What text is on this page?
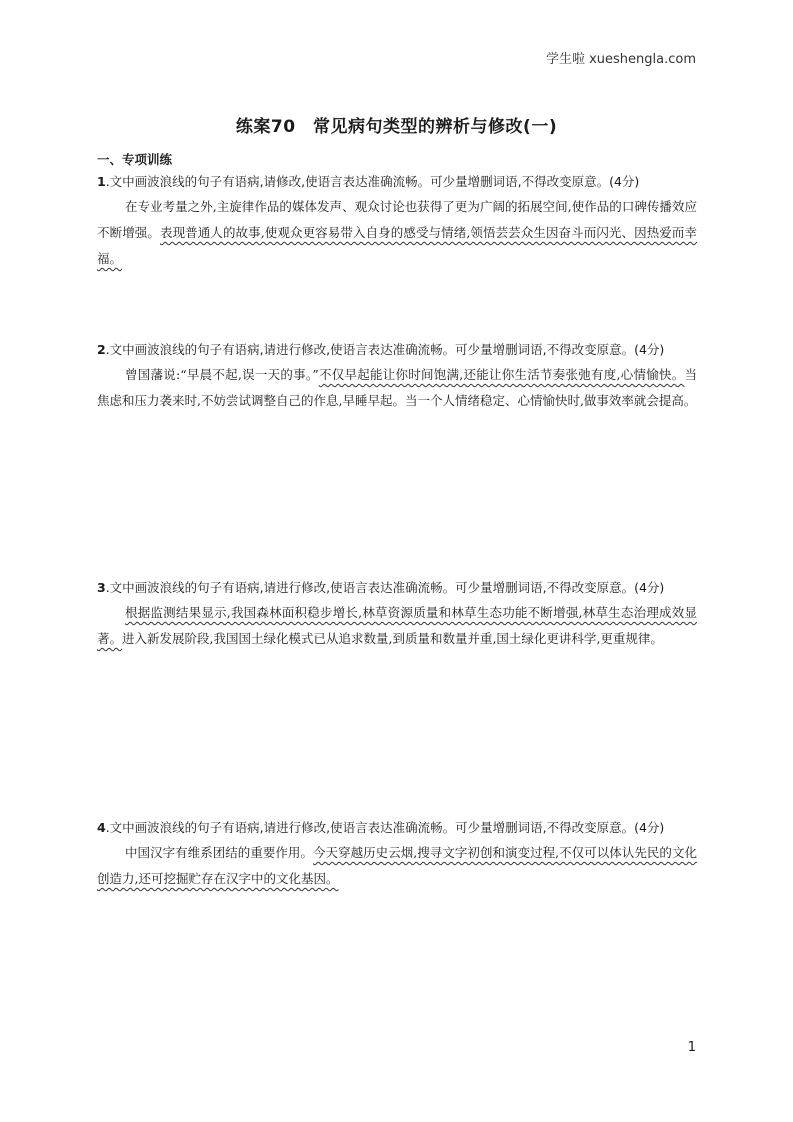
学生啦 xueshengla.com
练案70　常见病句类型的辨析与修改(一)
一、专项训练
1.文中画波浪线的句子有语病,请修改,使语言表达准确流畅。可少量增删词语,不得改变原意。(4分)
在专业考量之外,主旋律作品的媒体发声、观众讨论也获得了更为广阔的拓展空间,使作品的口碑传播效应不断增强。表现普通人的故事,使观众更容易带入自身的感受与情绪,领悟芸芸众生因奋斗而闪光、因热爱而幸福。
2.文中画波浪线的句子有语病,请进行修改,使语言表达准确流畅。可少量增删词语,不得改变原意。(4分)
曾国藩说:“早晨不起,误一天的事。”不仅早起能让你时间饱满,还能让你生活节奏张弛有度,心情愉快。当焦虑和压力袭来时,不妨尝试调整自己的作息,早睡早起。当一个人情绪稳定、心情愉快时,做事效率就会提高。
3.文中画波浪线的句子有语病,请进行修改,使语言表达准确流畅。可少量增删词语,不得改变原意。(4分)
根据监测结果显示,我国森林面积稳步增长,林草资源质量和林草生态功能不断增强,林草生态治理成效显著。进入新发展阶段,我国国土绿化模式已从追求数量,到质量和数量并重,国土绿化更讲科学,更重规律。
4.文中画波浪线的句子有语病,请进行修改,使语言表达准确流畅。可少量增删词语,不得改变原意。(4分)
中国汉字有维系团结的重要作用。今天穿越历史云烟,搜寻文字初创和演变过程,不仅可以体认先民的文化创造力,还可挖掘贮存在汉字中的文化基因。
1
